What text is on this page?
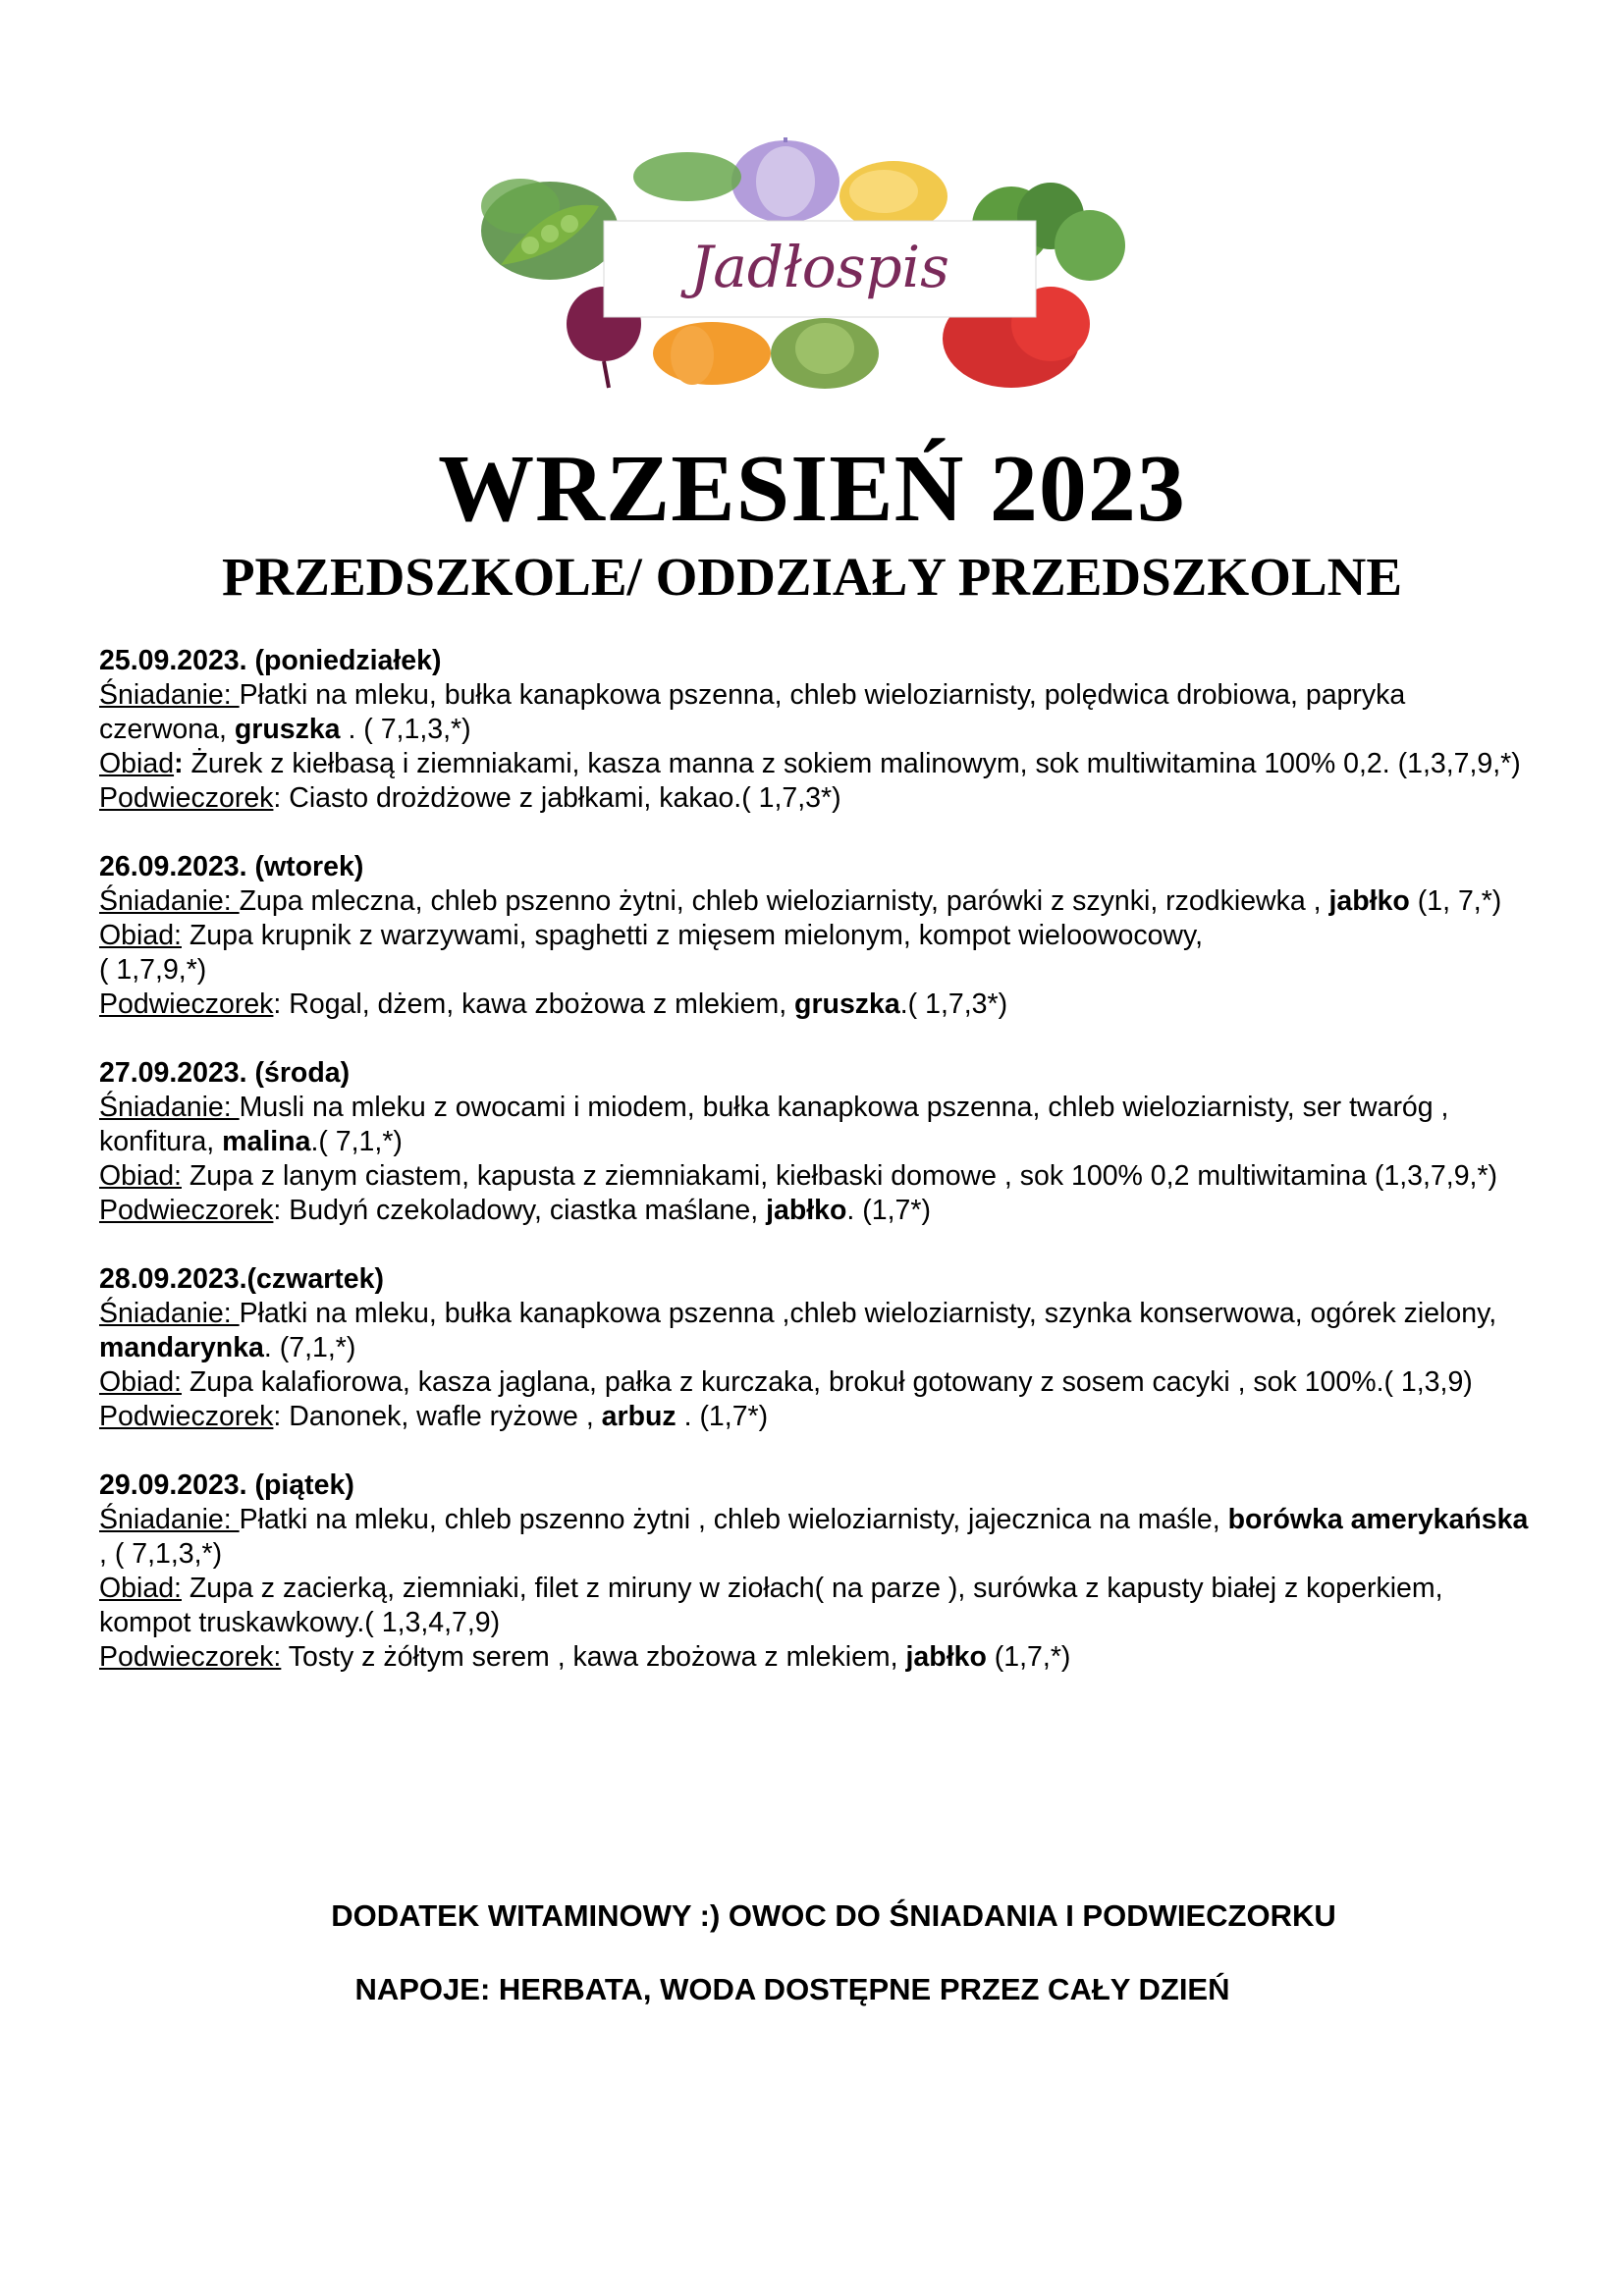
Jadłospis
WRZESIEŃ 2023
PRZEDSZKOLE/ ODDZIAŁY PRZEDSZKOLNE
25.09.2023. (poniedziałek)
Śniadanie: Płatki na mleku, bułka kanapkowa pszenna, chleb wieloziarnisty, polędwica drobiowa, papryka czerwona, gruszka . ( 7,1,3,*)
Obiad: Żurek z kiełbasą i ziemniakami, kasza manna z sokiem malinowym, sok multiwitamina 100% 0,2. (1,3,7,9,*)
Podwieczorek: Ciasto drożdżowe z jabłkami, kakao.( 1,7,3*)
26.09.2023. (wtorek)
Śniadanie: Zupa mleczna, chleb pszenno żytni, chleb wieloziarnisty, parówki z szynki, rzodkiewka , jabłko (1, 7,*)
Obiad: Zupa krupnik z warzywami, spaghetti z mięsem mielonym, kompot wieloowocowy,
( 1,7,9,*)
Podwieczorek: Rogal, dżem, kawa zbożowa z mlekiem, gruszka.( 1,7,3*)
27.09.2023. (środa)
Śniadanie: Musli na mleku z owocami i miodem, bułka kanapkowa pszenna, chleb wieloziarnisty, ser twaróg , konfitura, malina.( 7,1,*)
Obiad: Zupa z lanym ciastem, kapusta z ziemniakami, kiełbaski domowe , sok 100% 0,2 multiwitamina (1,3,7,9,*)
Podwieczorek: Budyń czekoladowy, ciastka maślane, jabłko. (1,7*)
28.09.2023.(czwartek)
Śniadanie: Płatki na mleku, bułka kanapkowa pszenna ,chleb wieloziarnisty, szynka konserwowa, ogórek zielony, mandarynka. (7,1,*)
Obiad: Zupa kalafiorowa, kasza jaglana, pałka z kurczaka, brokuł gotowany z sosem cacyki , sok 100%.( 1,3,9)
Podwieczorek: Danonek, wafle ryżowe , arbuz . (1,7*)
29.09.2023. (piątek)
Śniadanie: Płatki na mleku, chleb pszenno żytni , chleb wieloziarnisty, jajecznica na maśle, borówka amerykańska , ( 7,1,3,*)
Obiad: Zupa z zacierką, ziemniaki, filet z miruny w ziołach( na parze ), surówka z kapusty białej z koperkiem, kompot truskawkowy.( 1,3,4,7,9)
Podwieczorek: Tosty z żółtym serem , kawa zbożowa z mlekiem, jabłko (1,7,*)
DODATEK WITAMINOWY :) OWOC DO ŚNIADANIA I PODWIECZORKU
NAPOJE: HERBATA, WODA DOSTĘPNE PRZEZ CAŁY DZIEŃ
